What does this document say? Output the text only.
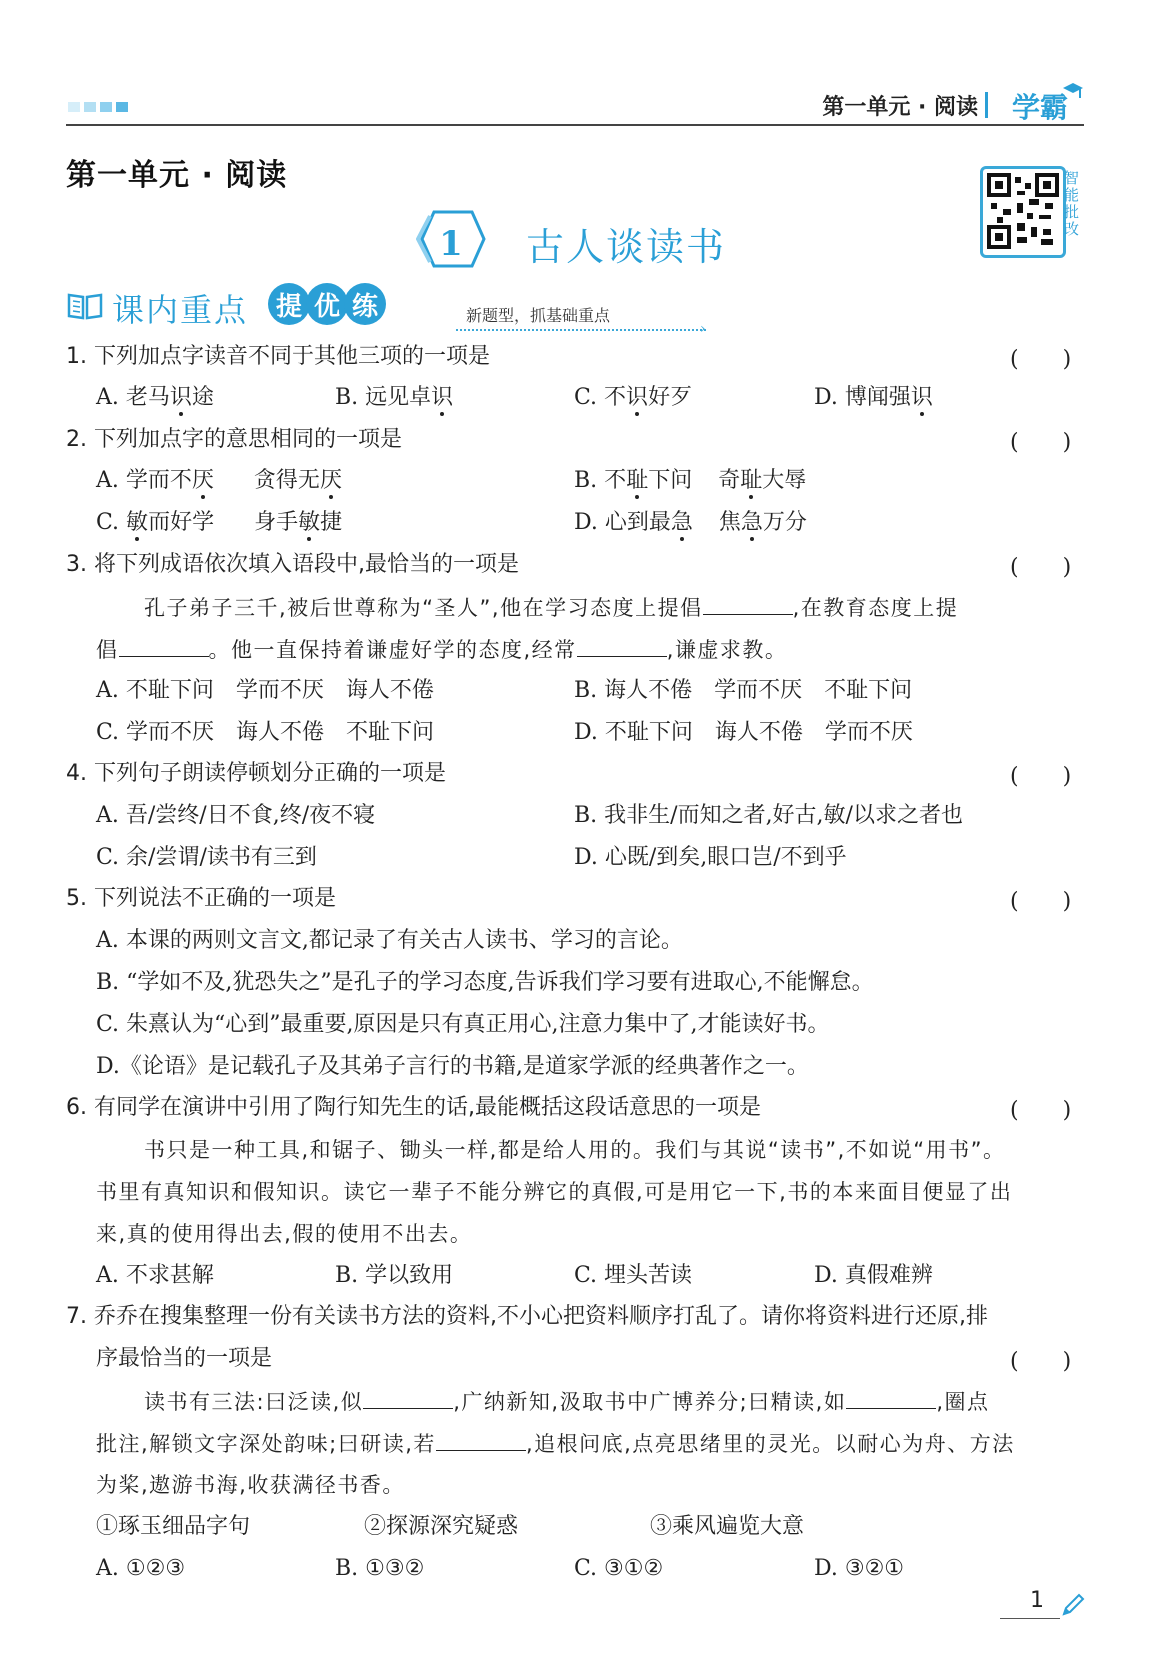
第一单元 · 阅读 学霸
第一单元 · 阅读	智
能
批
改
1 古人谈读书
课内重点	提 优 练	新题型，抓基础重点
›
1. 下列加点字读音不同于其他三项的一项是	(　　)
A. 老马识途	B. 远见卓识	C. 不识好歹	D. 博闻强识
2. 下列加点字的意思相同的一项是	(　　)
A. 学而不厌 贪得无厌	B. 不耻下问 奇耻大辱
C. 敏而好学 身手敏捷	D. 心到最急 焦急万分
3. 将下列成语依次填入语段中,最恰当的一项是	(　　)
孔子弟子三千,被后世尊称为“圣人”,他在学习态度上提倡	,在教育态度上提
倡	。他一直保持着谦虚好学的态度,经常	,谦虚求教。
A. 不耻下问　学而不厌　诲人不倦	B. 诲人不倦　学而不厌　不耻下问
C. 学而不厌　诲人不倦　不耻下问	D. 不耻下问　诲人不倦　学而不厌
4. 下列句子朗读停顿划分正确的一项是	(　　)
A. 吾/尝终/日不食,终/夜不寝	B. 我非生/而知之者,好古,敏/以求之者也
C. 余/尝谓/读书有三到	D. 心既/到矣,眼口岂/不到乎
5. 下列说法不正确的一项是	(　　)
A. 本课的两则文言文,都记录了有关古人读书、学习的言论。
B. “学如不及,犹恐失之”是孔子的学习态度,告诉我们学习要有进取心,不能懈怠。
C. 朱熹认为“心到”最重要,原因是只有真正用心,注意力集中了,才能读好书。
D.《论语》是记载孔子及其弟子言行的书籍,是道家学派的经典著作之一。
6. 有同学在演讲中引用了陶行知先生的话,最能概括这段话意思的一项是	(　　)
书只是一种工具,和锯子、锄头一样,都是给人用的。我们与其说“读书”,不如说“用书”。
书里有真知识和假知识。读它一辈子不能分辨它的真假,可是用它一下,书的本来面目便显了出
来,真的使用得出去,假的使用不出去。
A. 不求甚解	B. 学以致用	C. 埋头苦读	D. 真假难辨
7. 乔乔在搜集整理一份有关读书方法的资料,不小心把资料顺序打乱了。请你将资料进行还原,排
序最恰当的一项是	(　　)
读书有三法:曰泛读,似	,广纳新知,汲取书中广博养分;曰精读,如	,圈点
批注,解锁文字深处韵味;曰研读,若	,追根问底,点亮思绪里的灵光。以耐心为舟、方法
为桨,遨游书海,收获满径书香。
①琢玉细品字句	②探源深究疑惑	③乘风遍览大意
A. ①②③	B. ①③②	C. ③①②	D. ③②①
1
